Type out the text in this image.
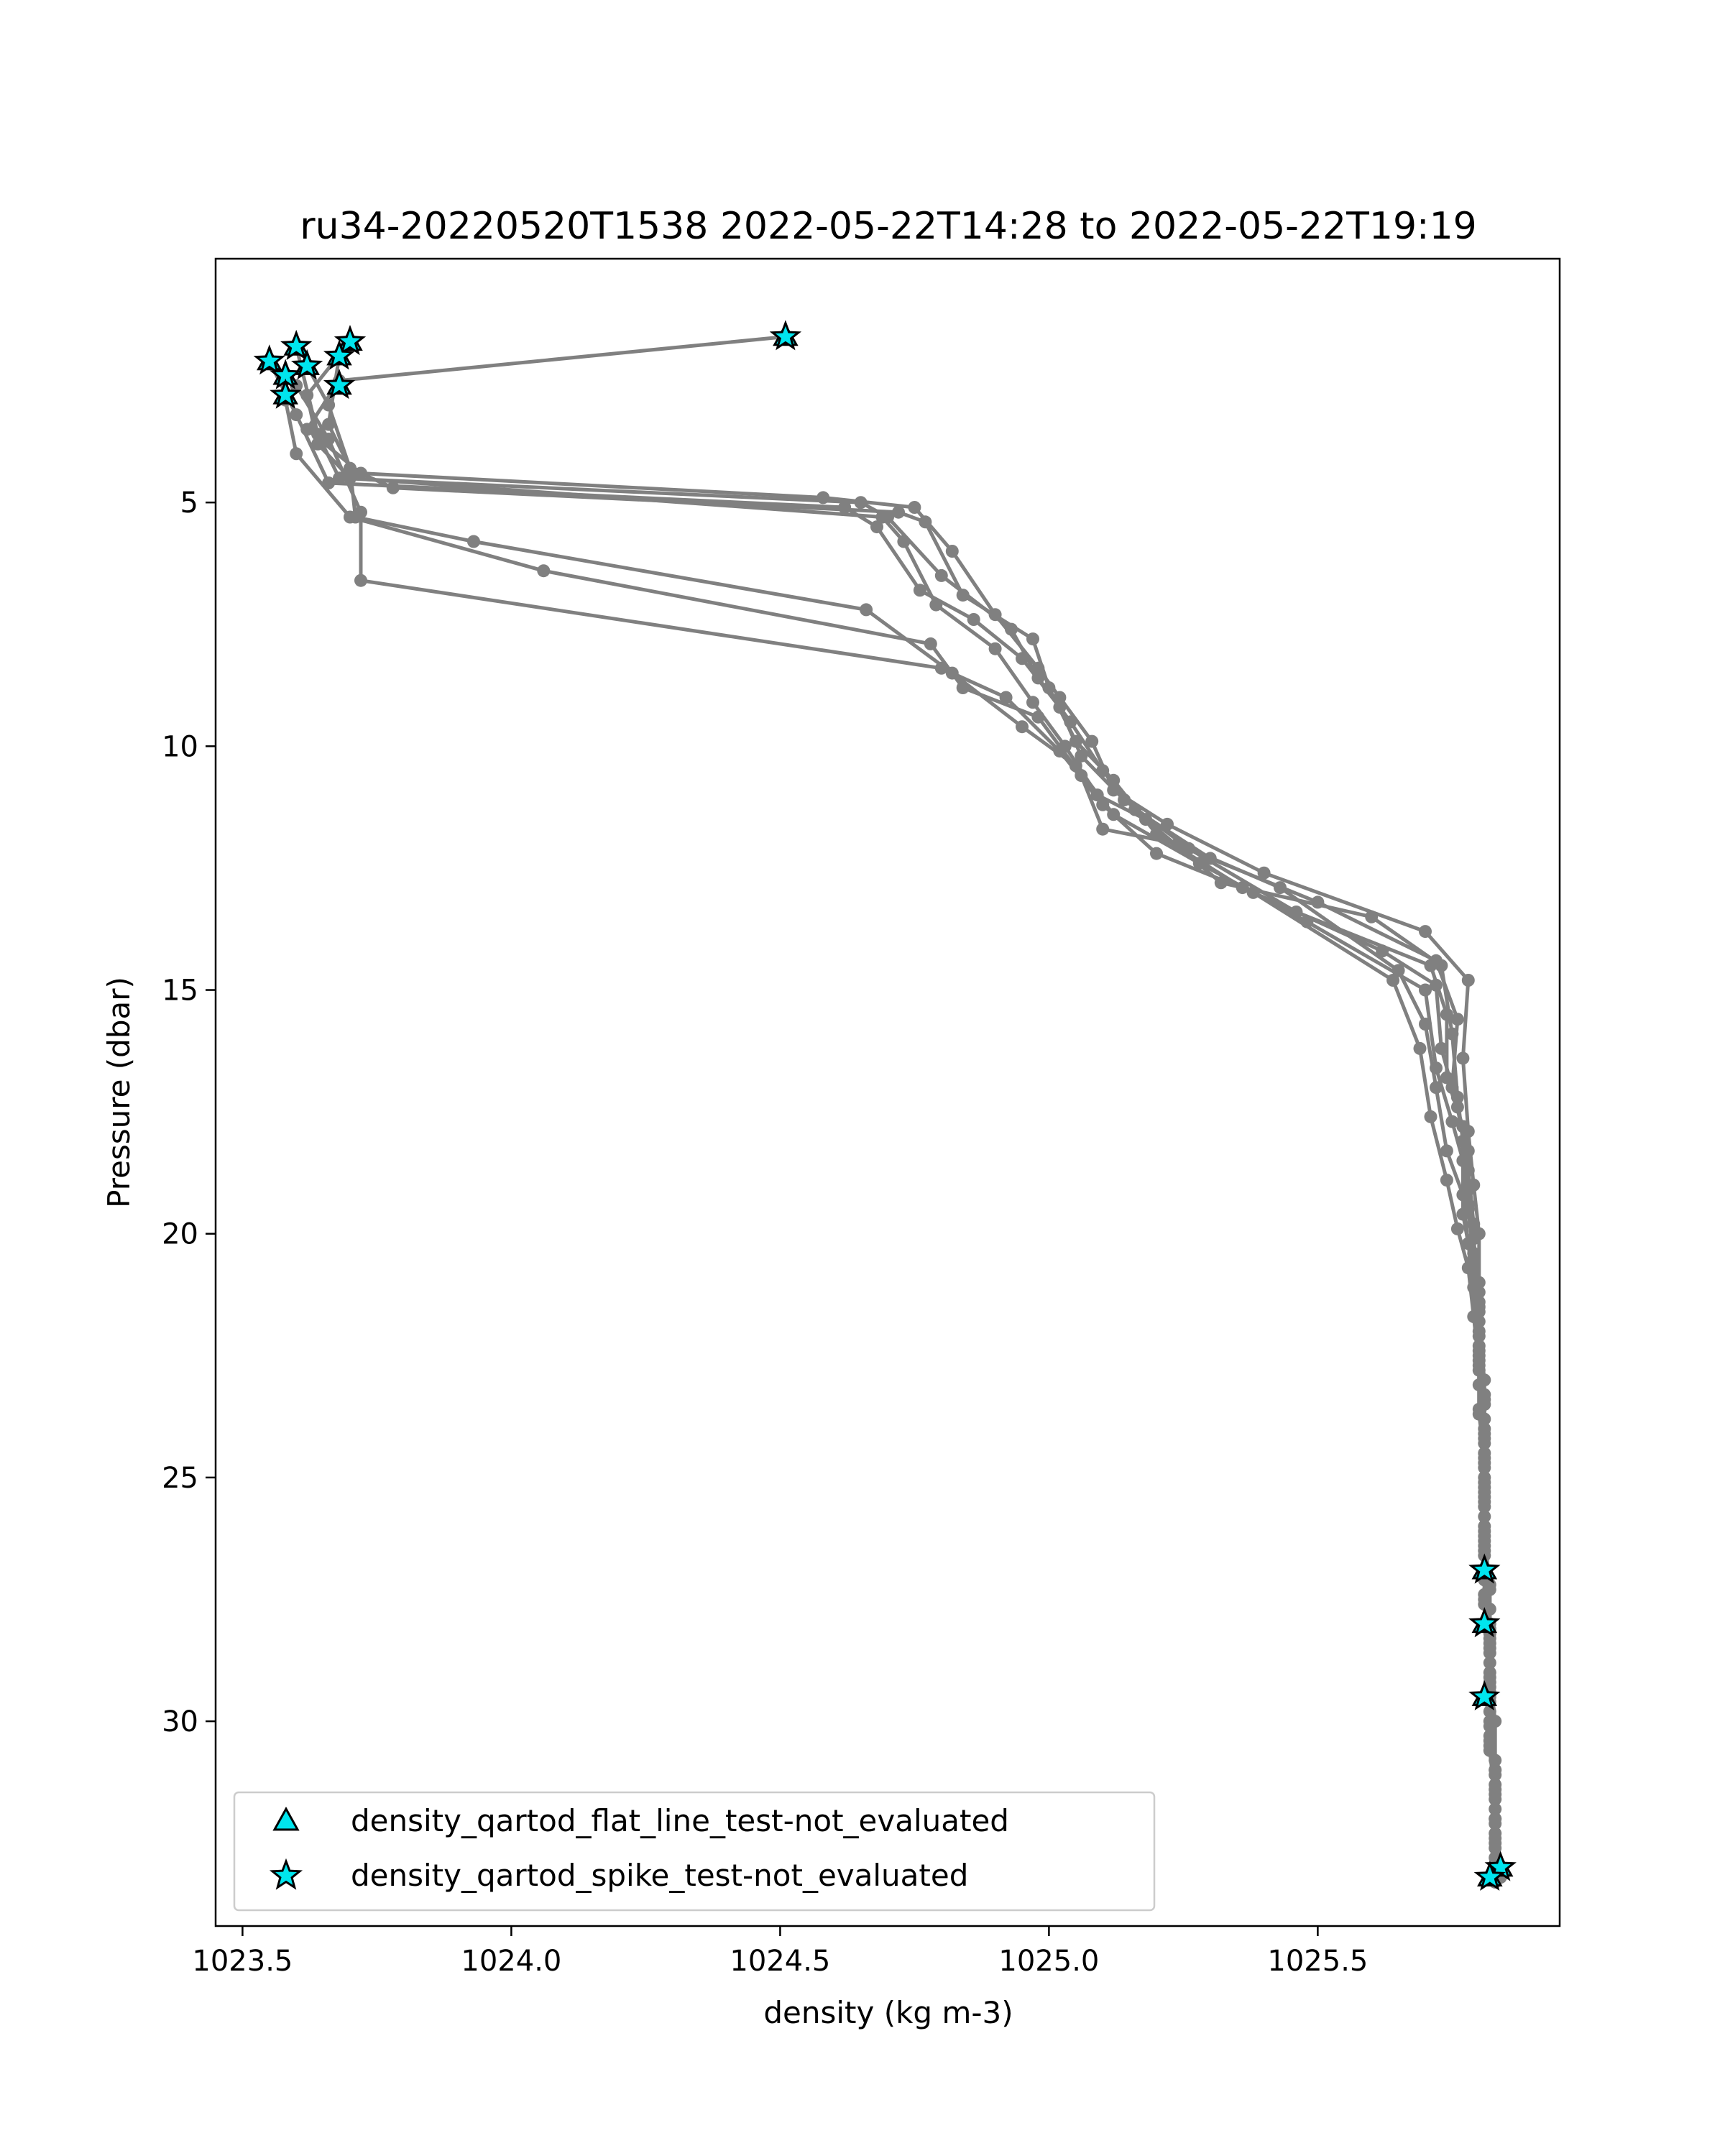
ru34-20220520T1538 2022-05-22T14:28 to 2022-05-22T19:19
1023.5	1024.0	1024.5	1025.0	1025.5
5
10
15
20
25
30
density (kg m-3)
Pressure (dbar)
density_qartod_flat_line_test-not_evaluated
density_qartod_spike_test-not_evaluated
